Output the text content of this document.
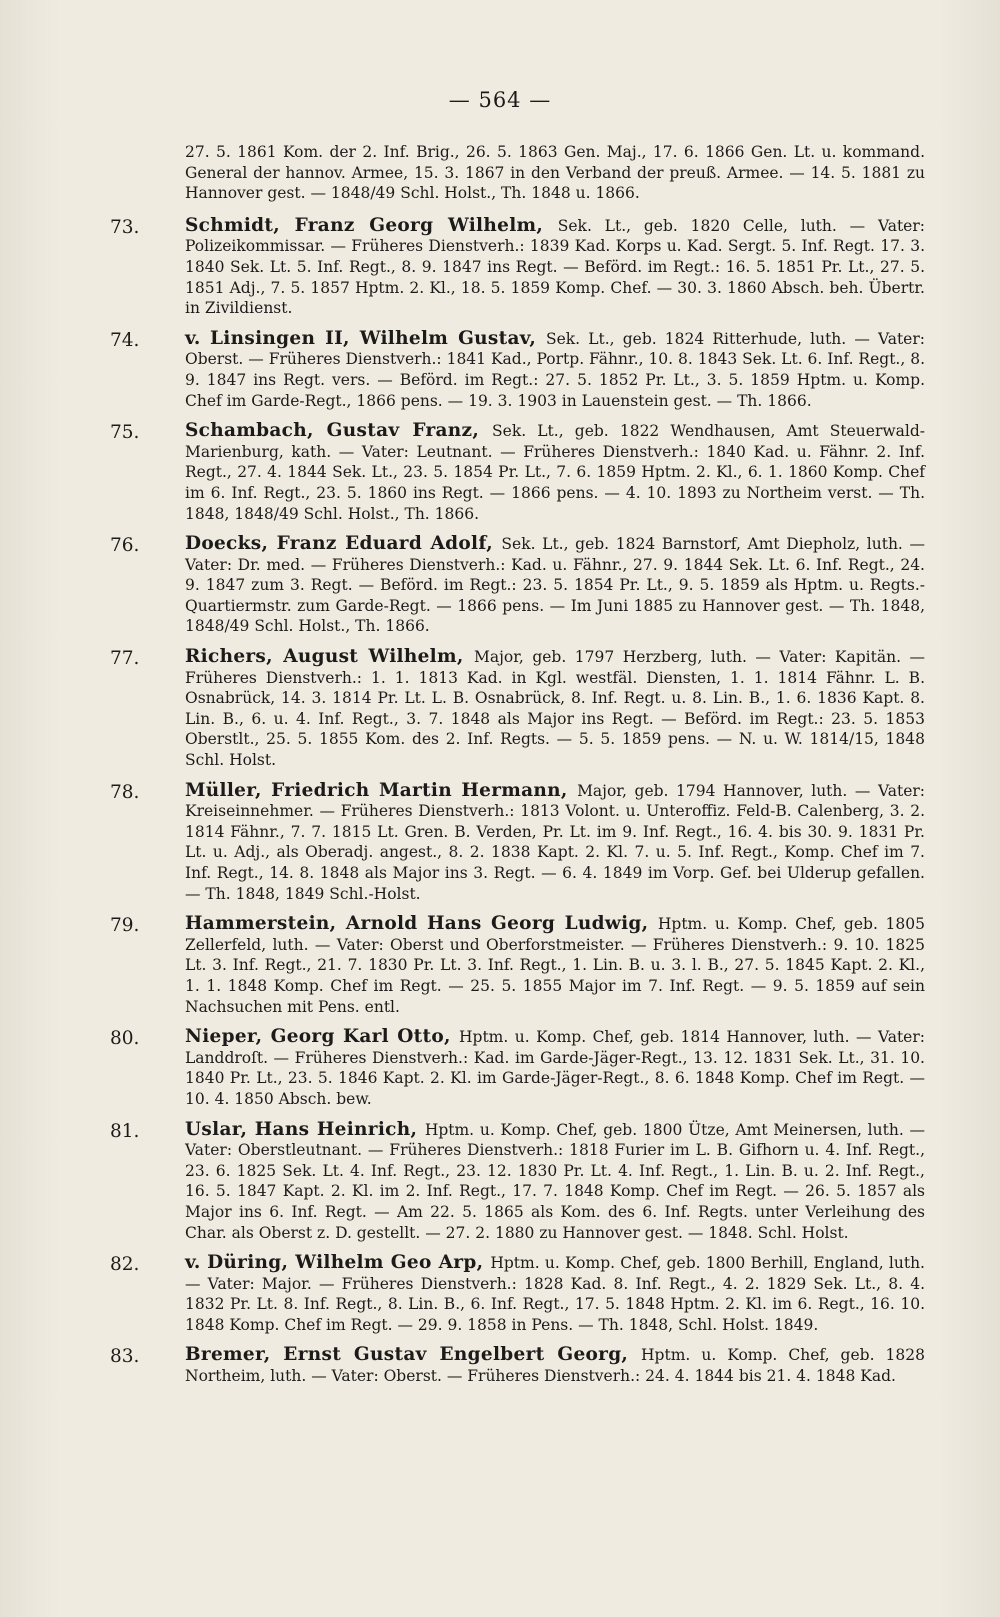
— 564 —
27. 5. 1861 Kom. der 2. Inf. Brig., 26. 5. 1863 Gen. Maj., 17. 6. 1866 Gen. Lt. u. kommand. General der hannov. Armee, 15. 3. 1867 in den Verband der preuß. Armee. — 14. 5. 1881 zu Hannover gest. — 1848/49 Schl. Holst., Th. 1848 u. 1866.
73. Schmidt, Franz Georg Wilhelm, Sek. Lt., geb. 1820 Celle, luth. — Vater: Polizeikommissar. — Früheres Dienstverh.: 1839 Kad. Korps u. Kad. Sergt. 5. Inf. Regt. 17. 3. 1840 Sek. Lt. 5. Inf. Regt., 8. 9. 1847 ins Regt. — Beförd. im Regt.: 16. 5. 1851 Pr. Lt., 27. 5. 1851 Adj., 7. 5. 1857 Hptm. 2. Kl., 18. 5. 1859 Komp. Chef. — 30. 3. 1860 Absch. beh. Übertr. in Zivildienst.
74. v. Linsingen II, Wilhelm Gustav, Sek. Lt., geb. 1824 Ritterhude, luth. — Vater: Oberst. — Früheres Dienstverh.: 1841 Kad., Portp. Fähnr., 10. 8. 1843 Sek. Lt. 6. Inf. Regt., 8. 9. 1847 ins Regt. vers. — Beförd. im Regt.: 27. 5. 1852 Pr. Lt., 3. 5. 1859 Hptm. u. Komp. Chef im Garde-Regt., 1866 pens. — 19. 3. 1903 in Lauenstein gest. — Th. 1866.
75. Schambach, Gustav Franz, Sek. Lt., geb. 1822 Wendhausen, Amt Steuerwald-Marienburg, kath. — Vater: Leutnant. — Früheres Dienstverh.: 1840 Kad. u. Fähnr. 2. Inf. Regt., 27. 4. 1844 Sek. Lt., 23. 5. 1854 Pr. Lt., 7. 6. 1859 Hptm. 2. Kl., 6. 1. 1860 Komp. Chef im 6. Inf. Regt., 23. 5. 1860 ins Regt. — 1866 pens. — 4. 10. 1893 zu Northeim verst. — Th. 1848, 1848/49 Schl. Holst., Th. 1866.
76. Doecks, Franz Eduard Adolf, Sek. Lt., geb. 1824 Barnstorf, Amt Diepholz, luth. — Vater: Dr. med. — Früheres Dienstverh.: Kad. u. Fähnr., 27. 9. 1844 Sek. Lt. 6. Inf. Regt., 24. 9. 1847 zum 3. Regt. — Beförd. im Regt.: 23. 5. 1854 Pr. Lt., 9. 5. 1859 als Hptm. u. Regts.-Quartiermstr. zum Garde-Regt. — 1866 pens. — Im Juni 1885 zu Hannover gest. — Th. 1848, 1848/49 Schl. Holst., Th. 1866.
77. Richers, August Wilhelm, Major, geb. 1797 Herzberg, luth. — Vater: Kapitän. — Früheres Dienstverh.: 1. 1. 1813 Kad. in Kgl. westfäl. Diensten, 1. 1. 1814 Fähnr. L. B. Osnabrück, 14. 3. 1814 Pr. Lt. L. B. Osnabrück, 8. Inf. Regt. u. 8. Lin. B., 1. 6. 1836 Kapt. 8. Lin. B., 6. u. 4. Inf. Regt., 3. 7. 1848 als Major ins Regt. — Beförd. im Regt.: 23. 5. 1853 Oberstlt., 25. 5. 1855 Kom. des 2. Inf. Regts. — 5. 5. 1859 pens. — N. u. W. 1814/15, 1848 Schl. Holst.
78. Müller, Friedrich Martin Hermann, Major, geb. 1794 Hannover, luth. — Vater: Kreiseinnehmer. — Früheres Dienstverh.: 1813 Volont. u. Unteroffiz. Feld-B. Calenberg, 3. 2. 1814 Fähnr., 7. 7. 1815 Lt. Gren. B. Verden, Pr. Lt. im 9. Inf. Regt., 16. 4. bis 30. 9. 1831 Pr. Lt. u. Adj., als Oberadj. angest., 8. 2. 1838 Kapt. 2. Kl. 7. u. 5. Inf. Regt., Komp. Chef im 7. Inf. Regt., 14. 8. 1848 als Major ins 3. Regt. — 6. 4. 1849 im Vorp. Gef. bei Ulderup gefallen. — Th. 1848, 1849 Schl.-Holst.
79. Hammerstein, Arnold Hans Georg Ludwig, Hptm. u. Komp. Chef, geb. 1805 Zellerfeld, luth. — Vater: Oberst und Oberforstmeister. — Früheres Dienstverh.: 9. 10. 1825 Lt. 3. Inf. Regt., 21. 7. 1830 Pr. Lt. 3. Inf. Regt., 1. Lin. B. u. 3. l. B., 27. 5. 1845 Kapt. 2. Kl., 1. 1. 1848 Komp. Chef im Regt. — 25. 5. 1855 Major im 7. Inf. Regt. — 9. 5. 1859 auf sein Nachsuchen mit Pens. entl.
80. Nieper, Georg Karl Otto, Hptm. u. Komp. Chef, geb. 1814 Hannover, luth. — Vater: Landdroſt. — Früheres Dienstverh.: Kad. im Garde-Jäger-Regt., 13. 12. 1831 Sek. Lt., 31. 10. 1840 Pr. Lt., 23. 5. 1846 Kapt. 2. Kl. im Garde-Jäger-Regt., 8. 6. 1848 Komp. Chef im Regt. — 10. 4. 1850 Absch. bew.
81. Uslar, Hans Heinrich, Hptm. u. Komp. Chef, geb. 1800 Ütze, Amt Meinersen, luth. — Vater: Oberstleutnant. — Früheres Dienstverh.: 1818 Furier im L. B. Gifhorn u. 4. Inf. Regt., 23. 6. 1825 Sek. Lt. 4. Inf. Regt., 23. 12. 1830 Pr. Lt. 4. Inf. Regt., 1. Lin. B. u. 2. Inf. Regt., 16. 5. 1847 Kapt. 2. Kl. im 2. Inf. Regt., 17. 7. 1848 Komp. Chef im Regt. — 26. 5. 1857 als Major ins 6. Inf. Regt. — Am 22. 5. 1865 als Kom. des 6. Inf. Regts. unter Verleihung des Char. als Oberst z. D. gestellt. — 27. 2. 1880 zu Hannover gest. — 1848. Schl. Holst.
82. v. Düring, Wilhelm Geo Arp, Hptm. u. Komp. Chef, geb. 1800 Berhill, England, luth. — Vater: Major. — Früheres Dienstverh.: 1828 Kad. 8. Inf. Regt., 4. 2. 1829 Sek. Lt., 8. 4. 1832 Pr. Lt. 8. Inf. Regt., 8. Lin. B., 6. Inf. Regt., 17. 5. 1848 Hptm. 2. Kl. im 6. Regt., 16. 10. 1848 Komp. Chef im Regt. — 29. 9. 1858 in Pens. — Th. 1848, Schl. Holst. 1849.
83. Bremer, Ernst Gustav Engelbert Georg, Hptm. u. Komp. Chef, geb. 1828 Northeim, luth. — Vater: Oberst. — Früheres Dienstverh.: 24. 4. 1844 bis 21. 4. 1848 Kad.
